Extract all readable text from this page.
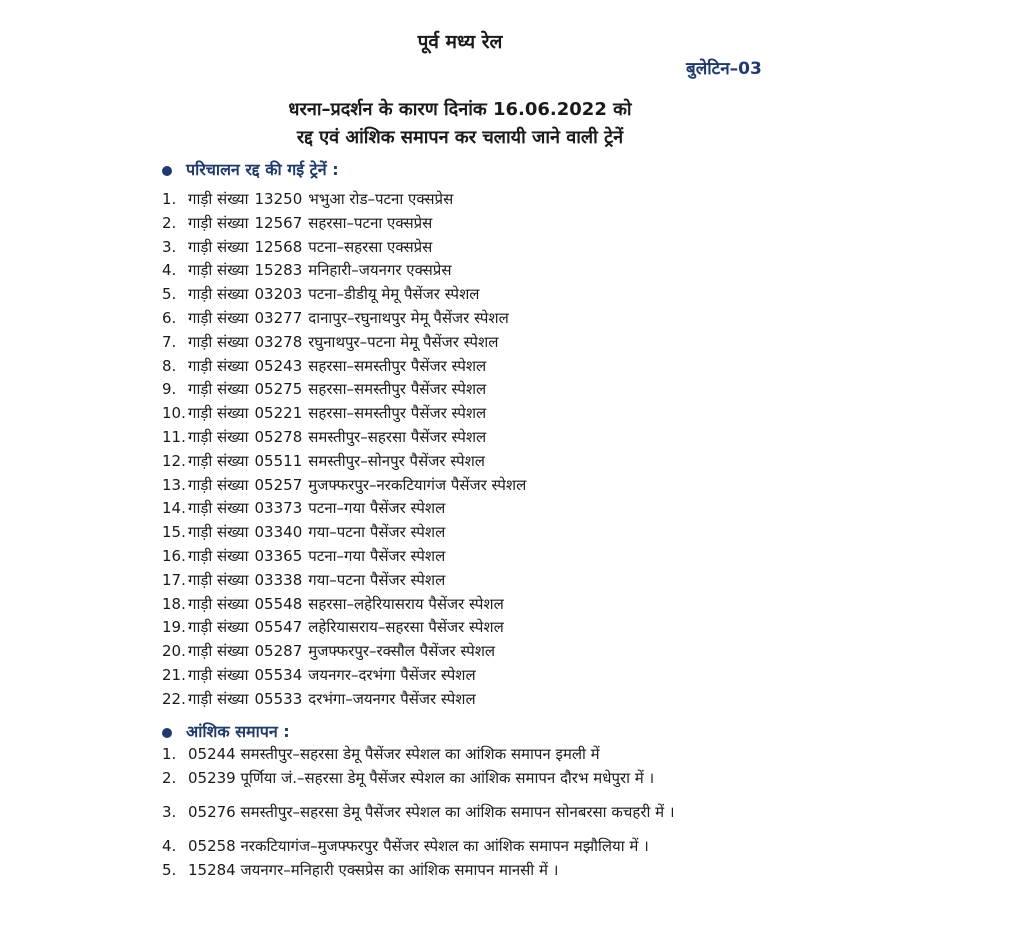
पूर्व मध्य रेल
बुलेटिन–03
धरना–प्रदर्शन के कारण दिनांक 16.06.2022 को
रद्द एवं आंशिक समापन कर चलायी जाने वाली ट्रेनें
परिचालन रद्द की गई ट्रेनें :
1. गाड़ी संख्या 13250 भभुआ रोड–पटना एक्सप्रेस
2. गाड़ी संख्या 12567 सहरसा–पटना एक्सप्रेस
3. गाड़ी संख्या 12568 पटना–सहरसा एक्सप्रेस
4. गाड़ी संख्या 15283 मनिहारी–जयनगर एक्सप्रेस
5. गाड़ी संख्या 03203 पटना–डीडीयू मेमू पैसेंजर स्पेशल
6. गाड़ी संख्या 03277 दानापुर–रघुनाथपुर मेमू पैसेंजर स्पेशल
7. गाड़ी संख्या 03278 रघुनाथपुर–पटना मेमू पैसेंजर स्पेशल
8. गाड़ी संख्या 05243 सहरसा–समस्तीपुर पैसेंजर स्पेशल
9. गाड़ी संख्या 05275 सहरसा–समस्तीपुर पैसेंजर स्पेशल
10. गाड़ी संख्या 05221 सहरसा–समस्तीपुर पैसेंजर स्पेशल
11. गाड़ी संख्या 05278 समस्तीपुर–सहरसा पैसेंजर स्पेशल
12. गाड़ी संख्या 05511 समस्तीपुर–सोनपुर पैसेंजर स्पेशल
13. गाड़ी संख्या 05257 मुजफ्फरपुर–नरकटियागंज पैसेंजर स्पेशल
14. गाड़ी संख्या 03373 पटना–गया पैसेंजर स्पेशल
15. गाड़ी संख्या 03340 गया–पटना पैसेंजर स्पेशल
16. गाड़ी संख्या 03365 पटना–गया पैसेंजर स्पेशल
17. गाड़ी संख्या 03338 गया–पटना पैसेंजर स्पेशल
18. गाड़ी संख्या 05548 सहरसा–लहेरियासराय पैसेंजर स्पेशल
19. गाड़ी संख्या 05547 लहेरियासराय–सहरसा पैसेंजर स्पेशल
20. गाड़ी संख्या 05287 मुजफ्फरपुर–रक्सौल पैसेंजर स्पेशल
21. गाड़ी संख्या 05534 जयनगर–दरभंगा पैसेंजर स्पेशल
22. गाड़ी संख्या 05533 दरभंगा–जयनगर पैसेंजर स्पेशल
आंशिक समापन :
1. 05244 समस्तीपुर–सहरसा डेमू पैसेंजर स्पेशल का आंशिक समापन इमली में
2. 05239 पूर्णिया जं.–सहरसा डेमू पैसेंजर स्पेशल का आंशिक समापन दौरभ मधेपुरा में ।
3. 05276 समस्तीपुर–सहरसा डेमू पैसेंजर स्पेशल का आंशिक समापन सोनबरसा कचहरी में ।
4. 05258 नरकटियागंज–मुजफ्फरपुर पैसेंजर स्पेशल का आंशिक समापन मझौलिया में ।
5. 15284 जयनगर–मनिहारी एक्सप्रेस का आंशिक समापन मानसी में ।
